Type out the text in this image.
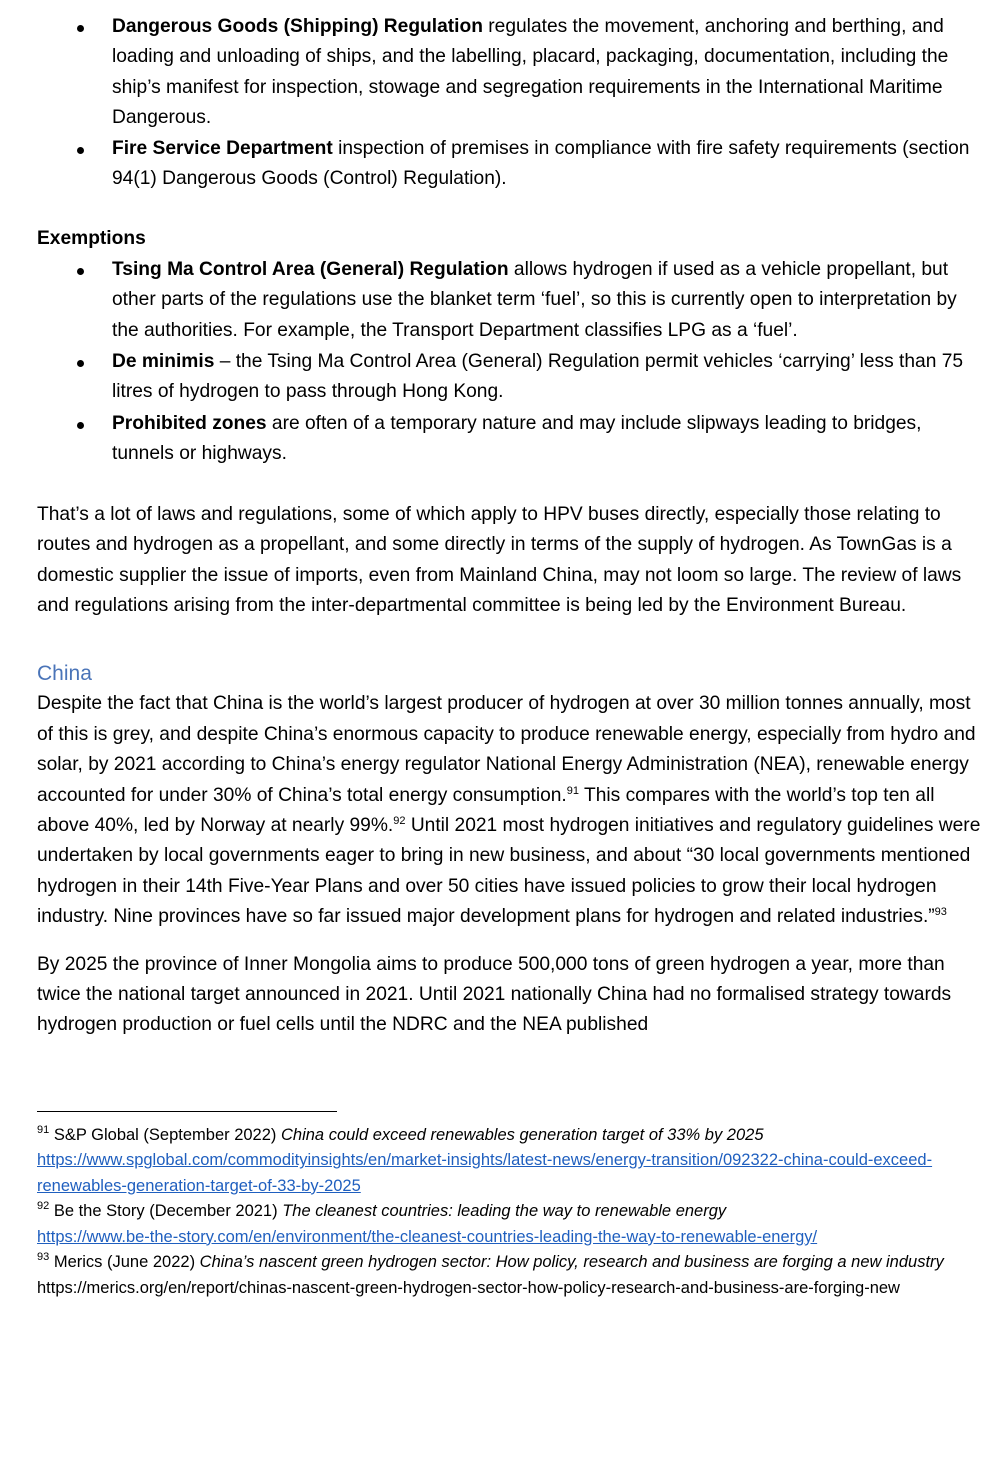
Dangerous Goods (Shipping) Regulation regulates the movement, anchoring and berthing, and loading and unloading of ships, and the labelling, placard, packaging, documentation, including the ship’s manifest for inspection, stowage and segregation requirements in the International Maritime Dangerous.
Fire Service Department inspection of premises in compliance with fire safety requirements (section 94(1) Dangerous Goods (Control) Regulation).
Exemptions
Tsing Ma Control Area (General) Regulation allows hydrogen if used as a vehicle propellant, but other parts of the regulations use the blanket term ‘fuel’, so this is currently open to interpretation by the authorities. For example, the Transport Department classifies LPG as a ‘fuel’.
De minimis – the Tsing Ma Control Area (General) Regulation permit vehicles ‘carrying’ less than 75 litres of hydrogen to pass through Hong Kong.
Prohibited zones are often of a temporary nature and may include slipways leading to bridges, tunnels or highways.

That’s a lot of laws and regulations, some of which apply to HPV buses directly, especially those relating to routes and hydrogen as a propellant, and some directly in terms of the supply of hydrogen. As TownGas is a domestic supplier the issue of imports, even from Mainland China, may not loom so large. The review of laws and regulations arising from the inter-departmental committee is being led by the Environment Bureau.

China

Despite the fact that China is the world’s largest producer of hydrogen at over 30 million tonnes annually, most of this is grey, and despite China’s enormous capacity to produce renewable energy, especially from hydro and solar, by 2021 according to China’s energy regulator National Energy Administration (NEA), renewable energy accounted for under 30% of China’s total energy consumption.$^{91}$ This compares with the world’s top ten all above 40%, led by Norway at nearly 99%.$^{92}$ Until 2021 most hydrogen initiatives and regulatory guidelines were undertaken by local governments eager to bring in new business, and about “30 local governments mentioned hydrogen in their 14th Five-Year Plans and over 50 cities have issued policies to grow their local hydrogen industry. Nine provinces have so far issued major development plans for hydrogen and related industries.”$^{93}$

By 2025 the province of Inner Mongolia aims to produce 500,000 tons of green hydrogen a year, more than twice the national target announced in 2021. Until 2021 nationally China had no formalised strategy towards hydrogen production or fuel cells until the NDRC and the NEA published

$^{91}$ S&P Global (September 2022) China could exceed renewables generation target of 33% by 2025
https://www.spglobal.com/commodityinsights/en/market-insights/latest-news/energy-transition/092322-china-could-exceed-renewables-generation-target-of-33-by-2025
$^{92}$ Be the Story (December 2021) The cleanest countries: leading the way to renewable energy
https://www.be-the-story.com/en/environment/the-cleanest-countries-leading-the-way-to-renewable-energy/
$^{93}$ Merics (June 2022) China’s nascent green hydrogen sector: How policy, research and business are forging a new industry https://merics.org/en/report/chinas-nascent-green-hydrogen-sector-how-policy-research-and-business-are-forging-new
